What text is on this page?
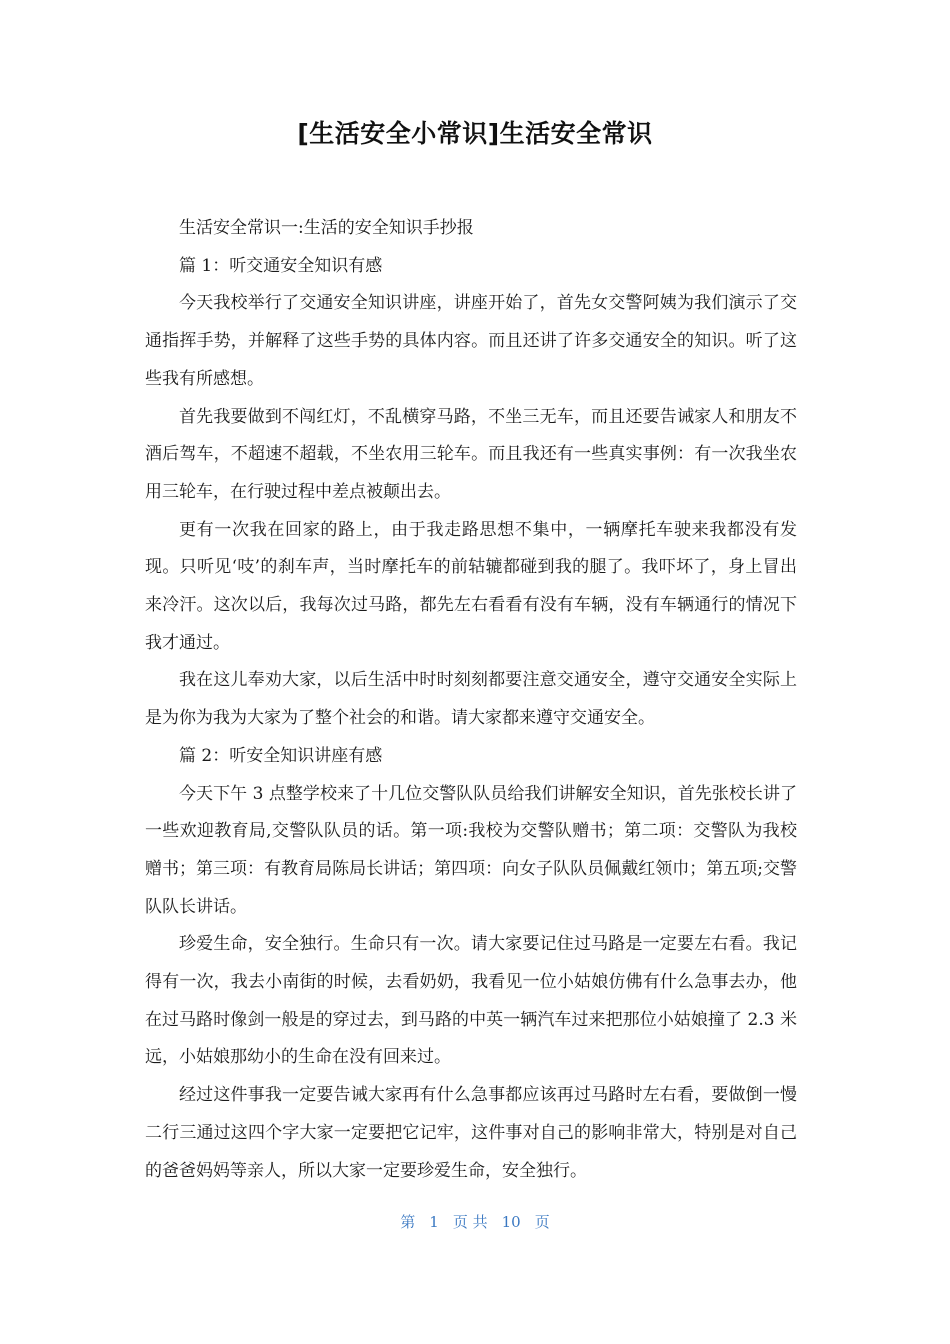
[生活安全小常识]生活安全常识

生活安全常识一:生活的安全知识手抄报

篇 1：听交通安全知识有感

今天我校举行了交通安全知识讲座，讲座开始了，首先女交警阿姨为我们演示了交通指挥手势，并解释了这些手势的具体内容。而且还讲了许多交通安全的知识。听了这些我有所感想。

首先我要做到不闯红灯，不乱横穿马路，不坐三无车，而且还要告诫家人和朋友不酒后驾车，不超速不超载，不坐农用三轮车。而且我还有一些真实事例：有一次我坐农用三轮车，在行驶过程中差点被颠出去。

更有一次我在回家的路上，由于我走路思想不集中，一辆摩托车驶来我都没有发现。只听见‘吱’的刹车声，当时摩托车的前轱辘都碰到我的腿了。我吓坏了，身上冒出来冷汗。这次以后，我每次过马路，都先左右看看有没有车辆，没有车辆通行的情况下我才通过。

我在这儿奉劝大家，以后生活中时时刻刻都要注意交通安全，遵守交通安全实际上是为你为我为大家为了整个社会的和谐。请大家都来遵守交通安全。

篇 2：听安全知识讲座有感

今天下午 3 点整学校来了十几位交警队队员给我们讲解安全知识，首先张校长讲了一些欢迎教育局,交警队队员的话。第一项:我校为交警队赠书；第二项：交警队为我校赠书；第三项：有教育局陈局长讲话；第四项：向女子队队员佩戴红领巾；第五项;交警队队长讲话。

珍爱生命，安全独行。生命只有一次。请大家要记住过马路是一定要左右看。我记得有一次，我去小南街的时候，去看奶奶，我看见一位小姑娘仿佛有什么急事去办，他在过马路时像剑一般是的穿过去，到马路的中英一辆汽车过来把那位小姑娘撞了 2.3 米远，小姑娘那幼小的生命在没有回来过。

经过这件事我一定要告诫大家再有什么急事都应该再过马路时左右看，要做倒一慢二行三通过这四个字大家一定要把它记牢，这件事对自己的影响非常大，特别是对自己的爸爸妈妈等亲人，所以大家一定要珍爱生命，安全独行。

第 1 页 共 10 页
